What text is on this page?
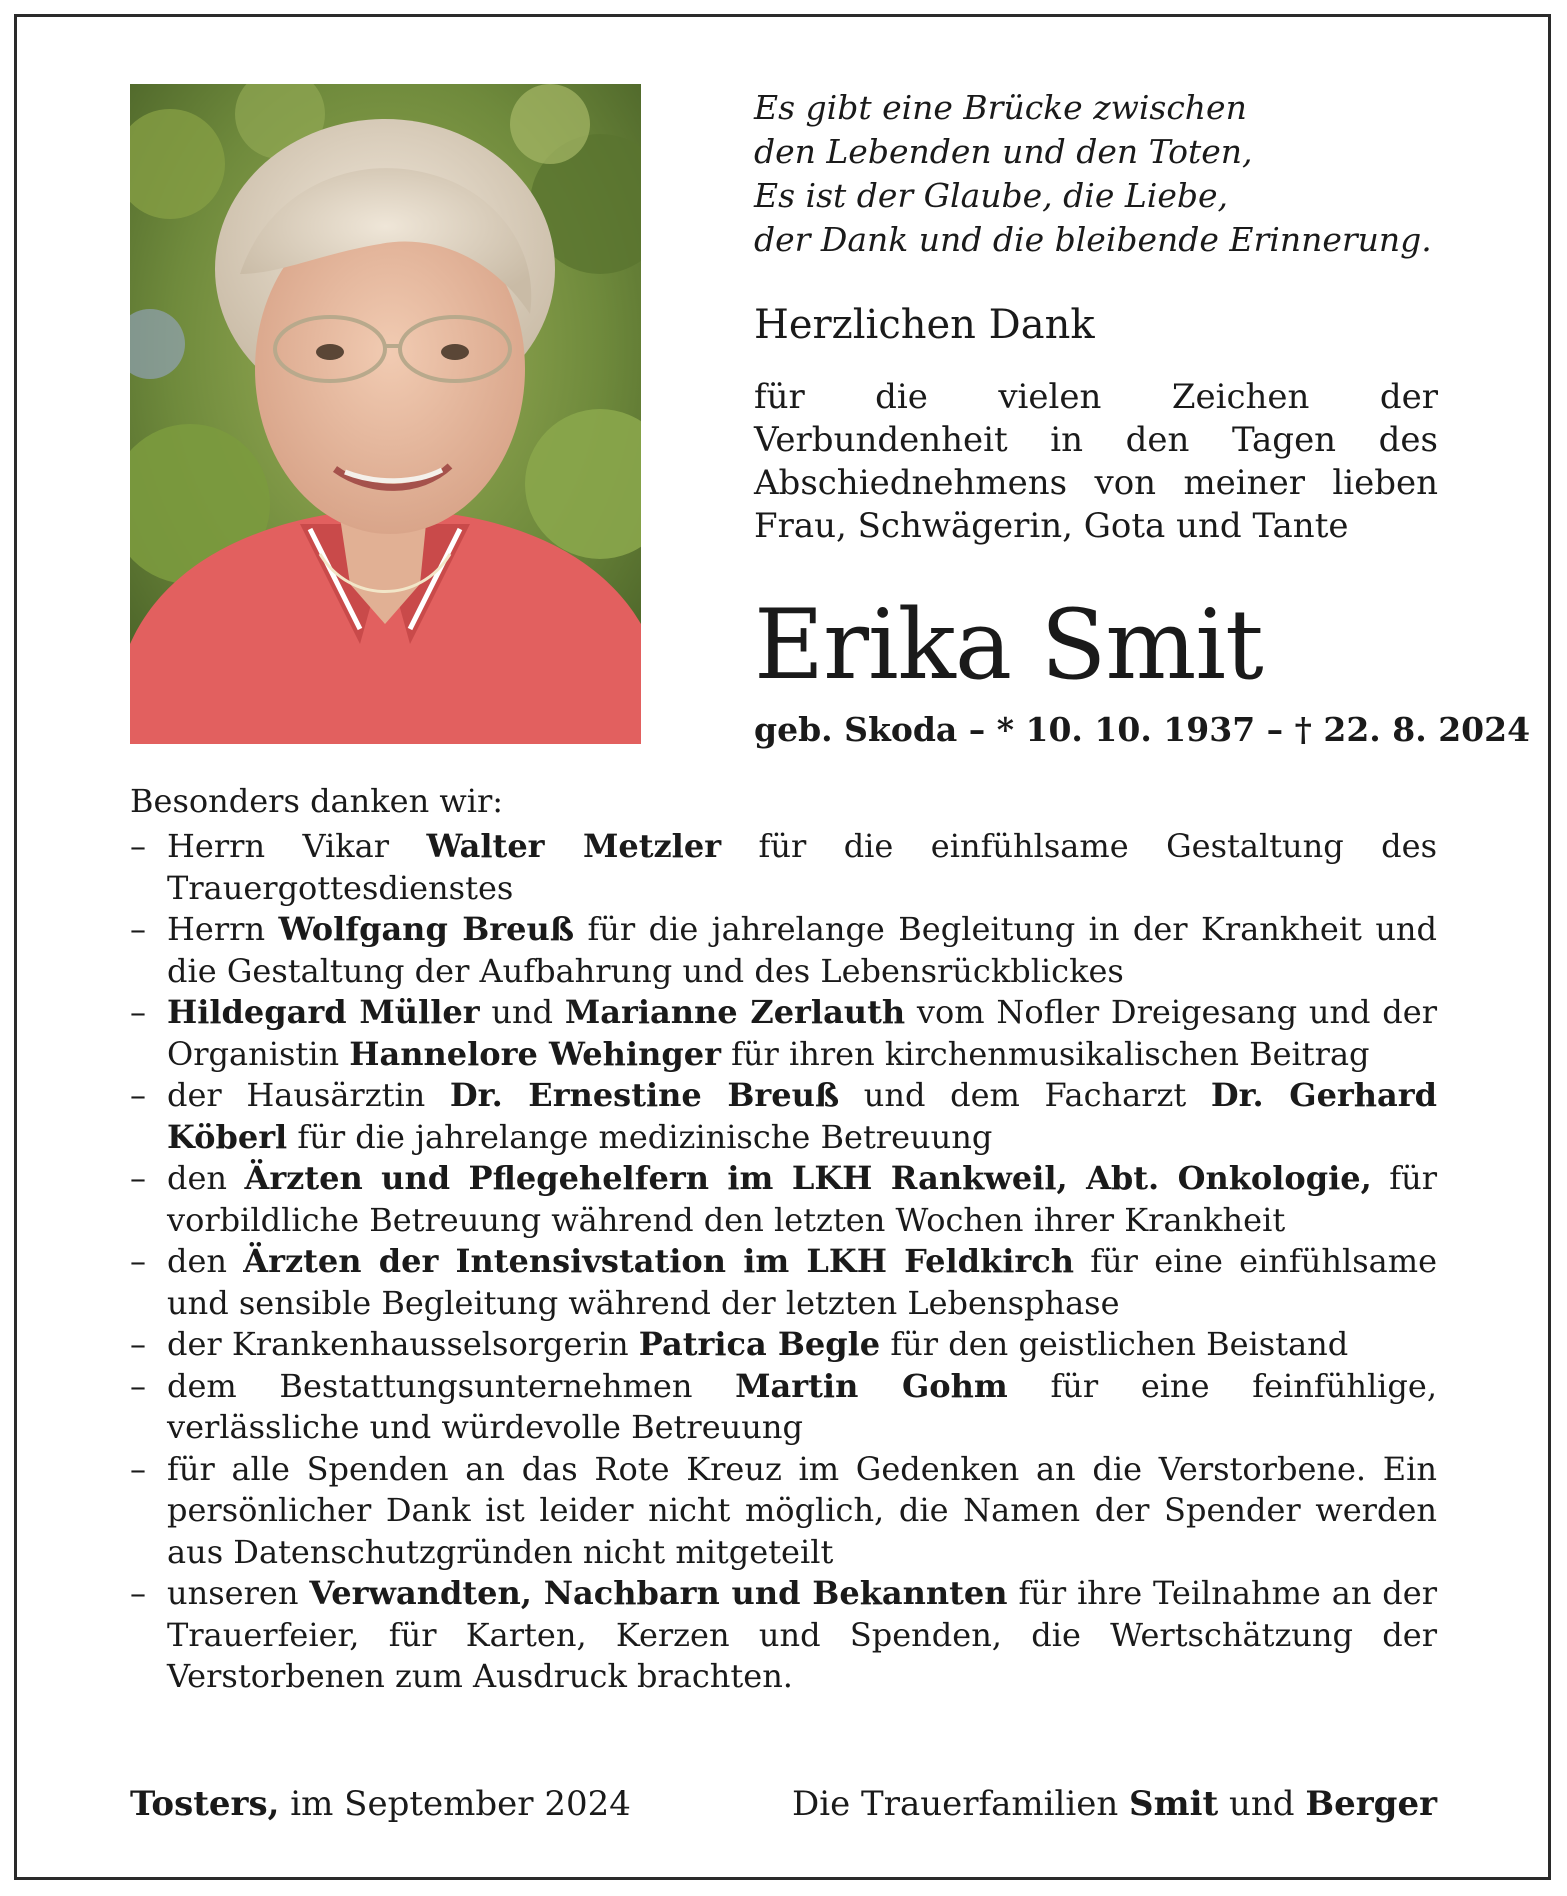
Es gibt eine Brücke zwischen
den Lebenden und den Toten,
Es ist der Glaube, die Liebe,
der Dank und die bleibende Erinnerung.
Herzlichen Dank
für die vielen Zeichen der Verbundenheit in den Tagen des Abschiednehmens von meiner lieben Frau, Schwägerin, Gota und Tante
Erika Smit
geb. Skoda – * 10. 10. 1937 – † 22. 8. 2024
Besonders danken wir:
– Herrn Vikar Walter Metzler für die einfühlsame Gestaltung des Trauergottesdienstes
– Herrn Wolfgang Breuß für die jahrelange Begleitung in der Krankheit und die Gestaltung der Aufbahrung und des Lebensrückblickes
– Hildegard Müller und Marianne Zerlauth vom Nofler Dreigesang und der Organistin Hannelore Wehinger für ihren kirchenmusikalischen Beitrag
– der Hausärztin Dr. Ernestine Breuß und dem Facharzt Dr. Gerhard Köberl für die jahrelange medizinische Betreuung
– den Ärzten und Pflegehelfern im LKH Rankweil, Abt. Onkologie, für vorbildliche Betreuung während den letzten Wochen ihrer Krankheit
– den Ärzten der Intensivstation im LKH Feldkirch für eine einfühlsame und sensible Begleitung während der letzten Lebensphase
– der Krankenhausselsorgerin Patrica Begle für den geistlichen Beistand
– dem Bestattungsunternehmen Martin Gohm für eine feinfühlige, verlässliche und würdevolle Betreuung
– für alle Spenden an das Rote Kreuz im Gedenken an die Verstorbene. Ein persönlicher Dank ist leider nicht möglich, die Namen der Spender werden aus Datenschutzgründen nicht mitgeteilt
– unseren Verwandten, Nachbarn und Bekannten für ihre Teilnahme an der Trauerfeier, für Karten, Kerzen und Spenden, die Wertschätzung der Verstorbenen zum Ausdruck brachten.
Tosters, im September 2024	Die Trauerfamilien Smit und Berger
